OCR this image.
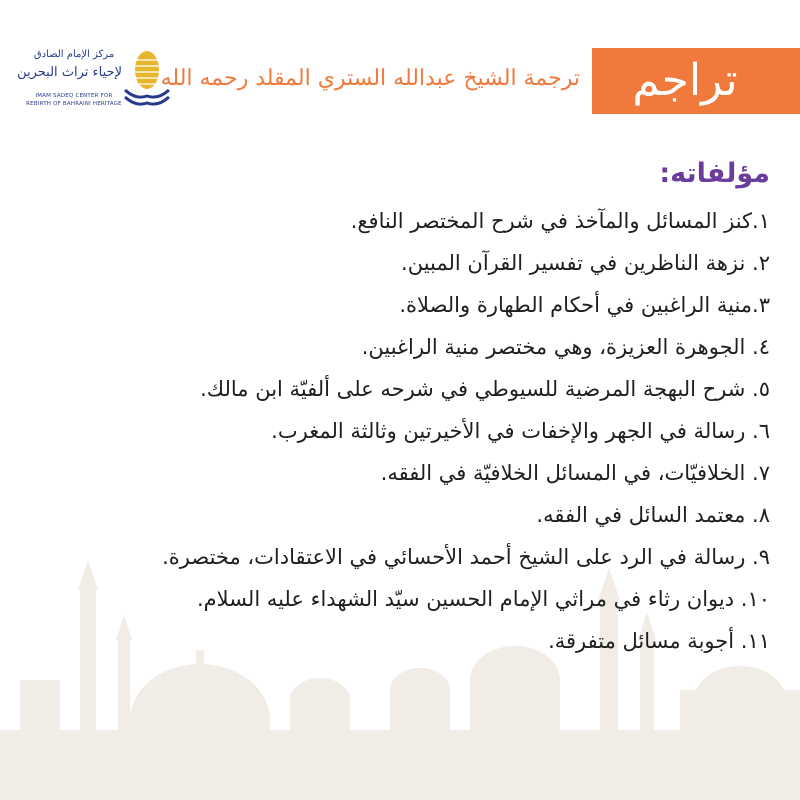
تراجم
ترجمة الشيخ عبدالله الستري المقلد رحمه الله
مركز الإمام الصادق
لإحياء تراث البحرين
IMAM SADEQ CENTER FOR
REBIRTH OF BAHRAINI HERITAGE
مؤلفاته:
١.كنز المسائل والمآخذ في شرح المختصر النافع.
٢. نزهة الناظرين في تفسير القرآن المبين.
٣.منية الراغبين في أحكام الطهارة والصلاة.
٤. الجوهرة العزيزة، وهي مختصر منية الراغبين.
٥. شرح البهجة المرضية للسيوطي في شرحه على ألفيّة ابن مالك.
٦. رسالة في الجهر والإخفات في الأخيرتين وثالثة المغرب.
٧. الخلافيّات، في المسائل الخلافيّة في الفقه.
٨. معتمد السائل في الفقه.
٩. رسالة في الرد على الشيخ أحمد الأحسائي في الاعتقادات، مختصرة.
١٠. ديوان رثاء في مراثي الإمام الحسين سيّد الشهداء عليه السلام.
١١. أجوبة مسائل متفرقة.
